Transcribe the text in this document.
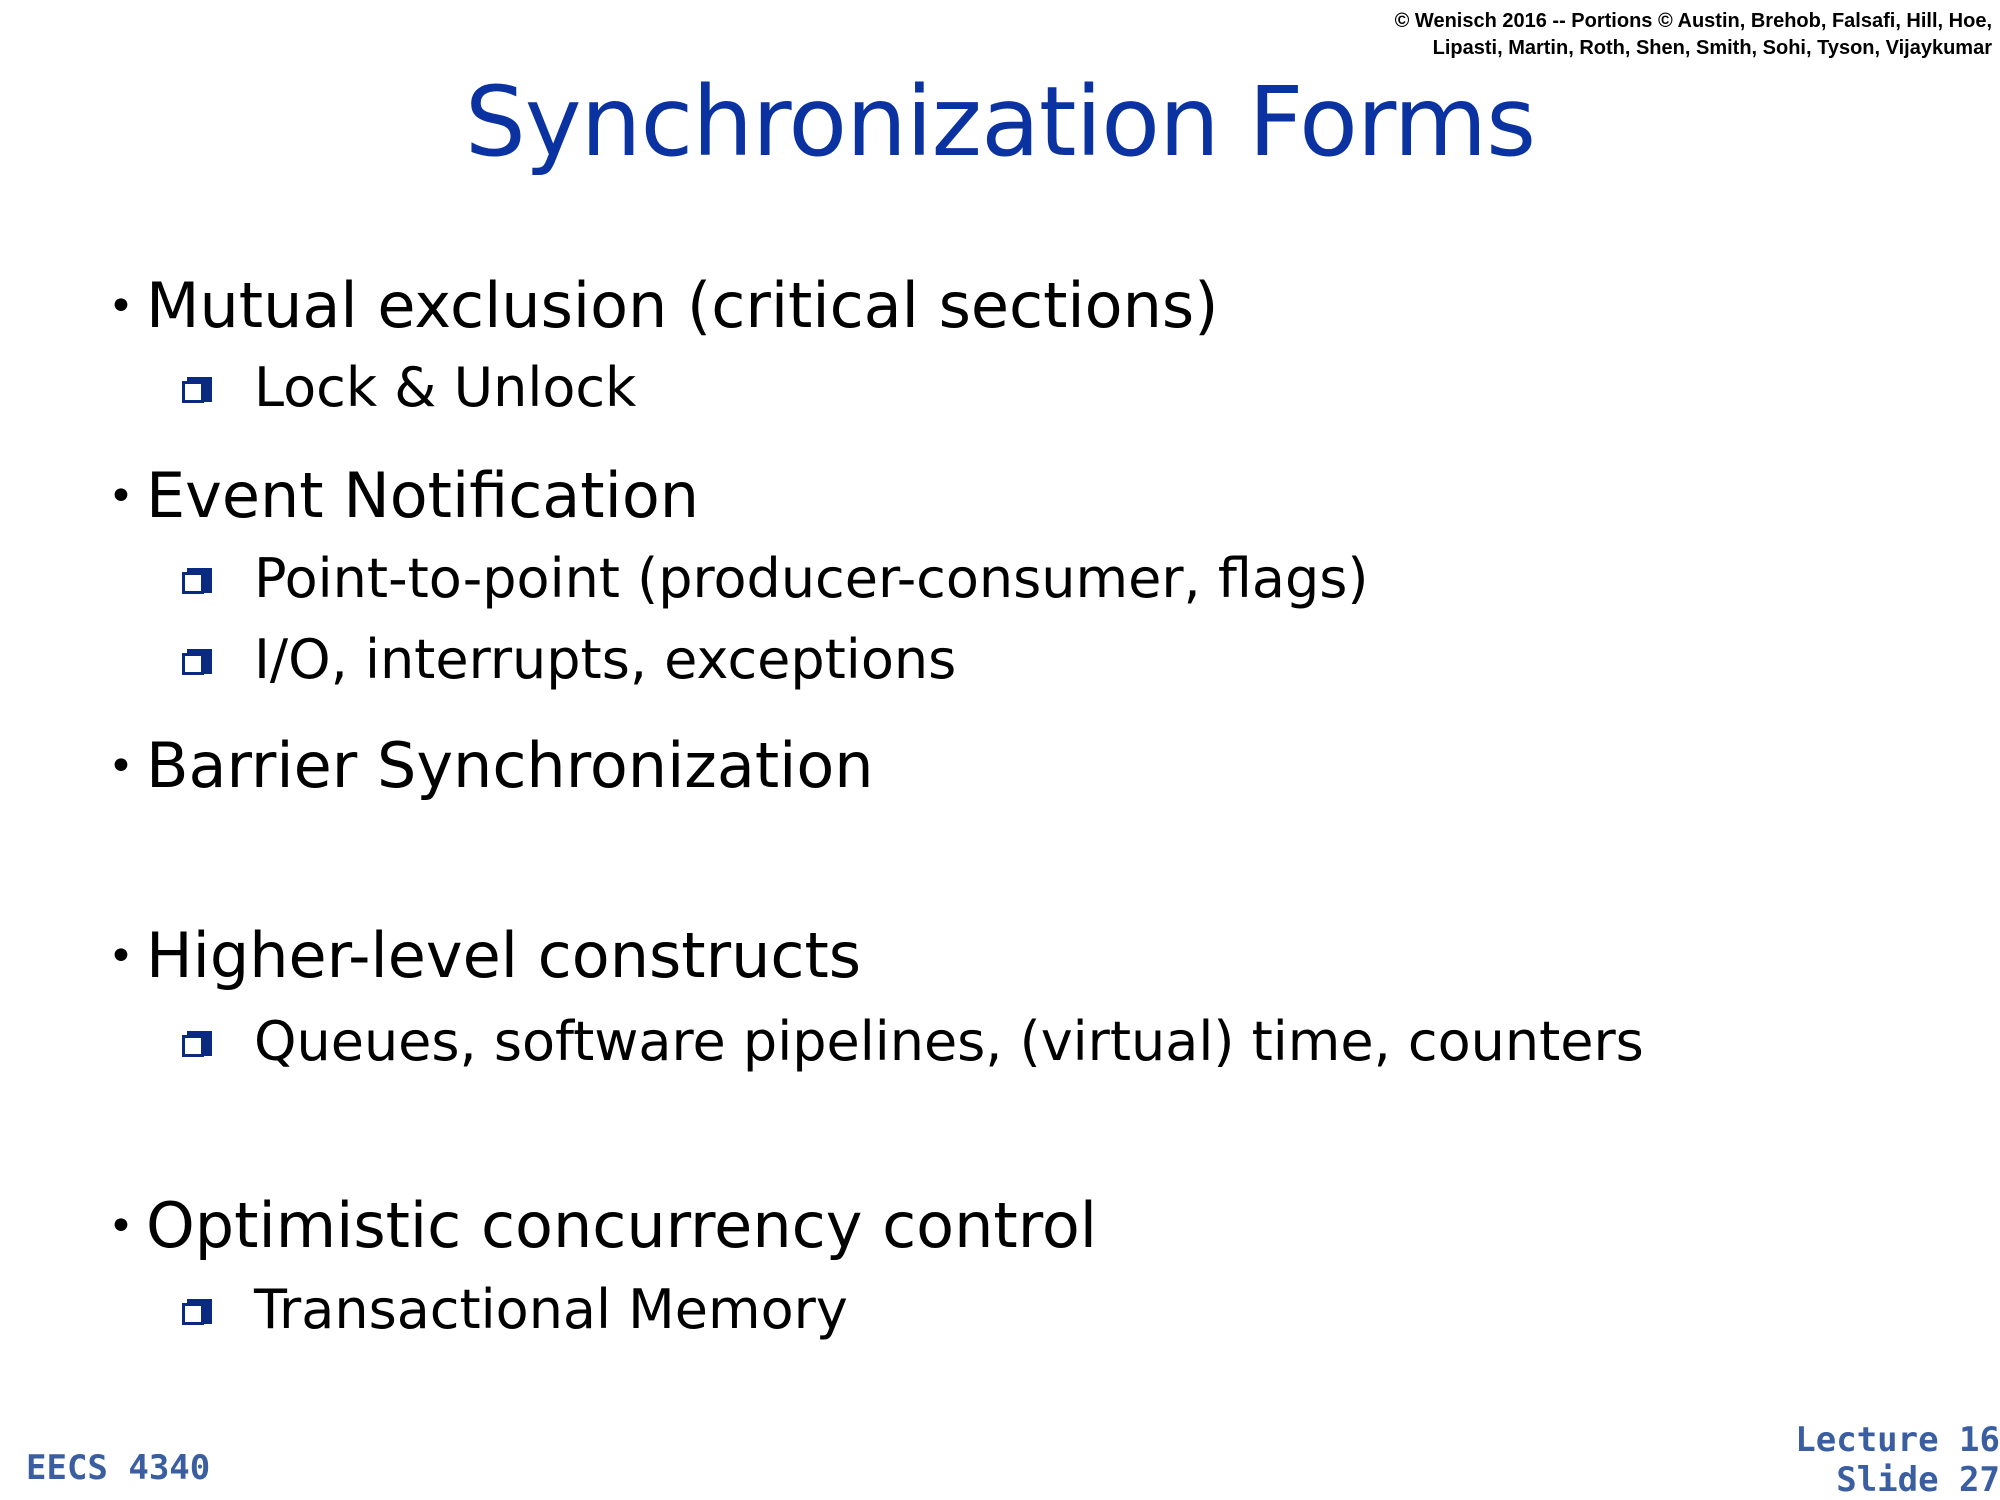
© Wenisch 2016 -- Portions © Austin, Brehob, Falsafi, Hill, Hoe,
Lipasti, Martin, Roth, Shen, Smith, Sohi, Tyson, Vijaykumar
Synchronization Forms
• Mutual exclusion (critical sections)
Lock & Unlock
• Event Notification
Point-to-point (producer-consumer, flags)
I/O, interrupts, exceptions
• Barrier Synchronization
• Higher-level constructs
Queues, software pipelines, (virtual) time, counters
• Optimistic concurrency control
Transactional Memory
EECS 4340
Lecture 16
Slide 27
